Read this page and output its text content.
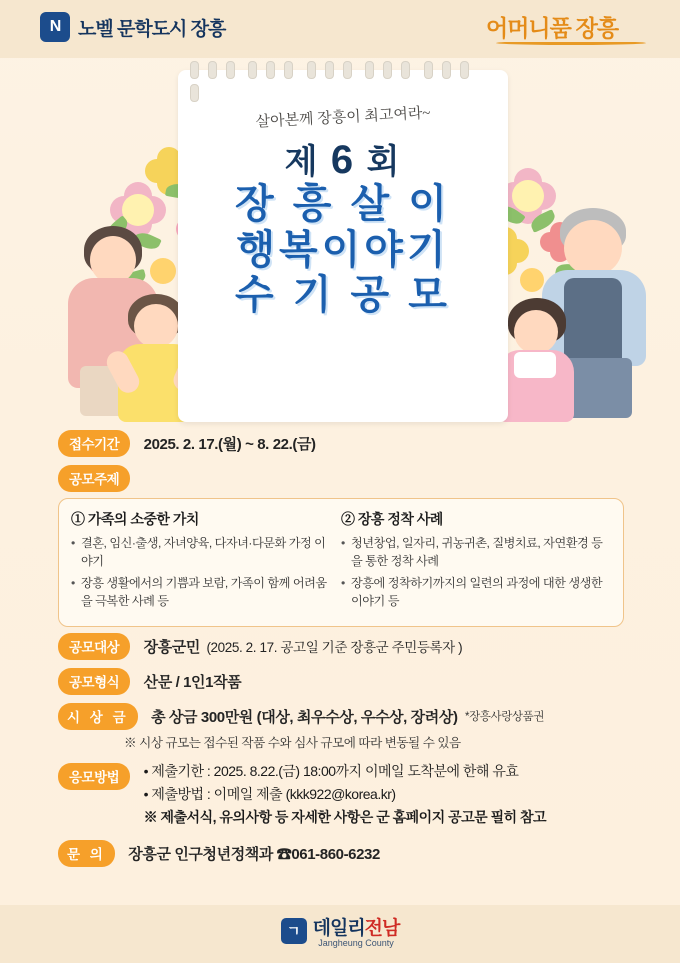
N 노벨 문학도시 장흥	어머니품 장흥

살아본께 장흥이 최고여라~
제 6 회
장 흥 살 이
행복이야기
수 기 공 모
접수기간 2025. 2. 17.(월) ~ 8. 22.(금)
공모주제
① 가족의 소중한 가치
• 결혼, 임신·출생, 자녀양육, 다자녀·다문화 가정 이야기
• 장흥 생활에서의 기쁨과 보람, 가족이 함께 어려움을 극복한 사례 등
② 장흥 정착 사례
• 청년창업, 일자리, 귀농귀촌, 질병치료, 자연환경 등을 통한 정착 사례
• 장흥에 정착하기까지의 일련의 과정에 대한 생생한 이야기 등
공모대상 장흥군민 (2025. 2. 17. 공고일 기준 장흥군 주민등록자 )
공모형식 산문 / 1인1작품
시 상 금 총 상금 300만원 (대상, 최우수상, 우수상, 장려상) *장흥사랑상품권
※ 시상 규모는 접수된 작품 수와 심사 규모에 따라 변동될 수 있음
응모방법 • 제출기한 : 2025. 8.22.(금) 18:00까지 이메일 도착분에 한해 유효
• 제출방법 : 이메일 제출 (kkk922@korea.kr)
※ 제출서식, 유의사항 등 자세한 사항은 군 홈페이지 공고문 필히 참고
문 의 장흥군 인구청년정책과 ☎061-860-6232
ㄱ 데일리전남
Jangheung County
